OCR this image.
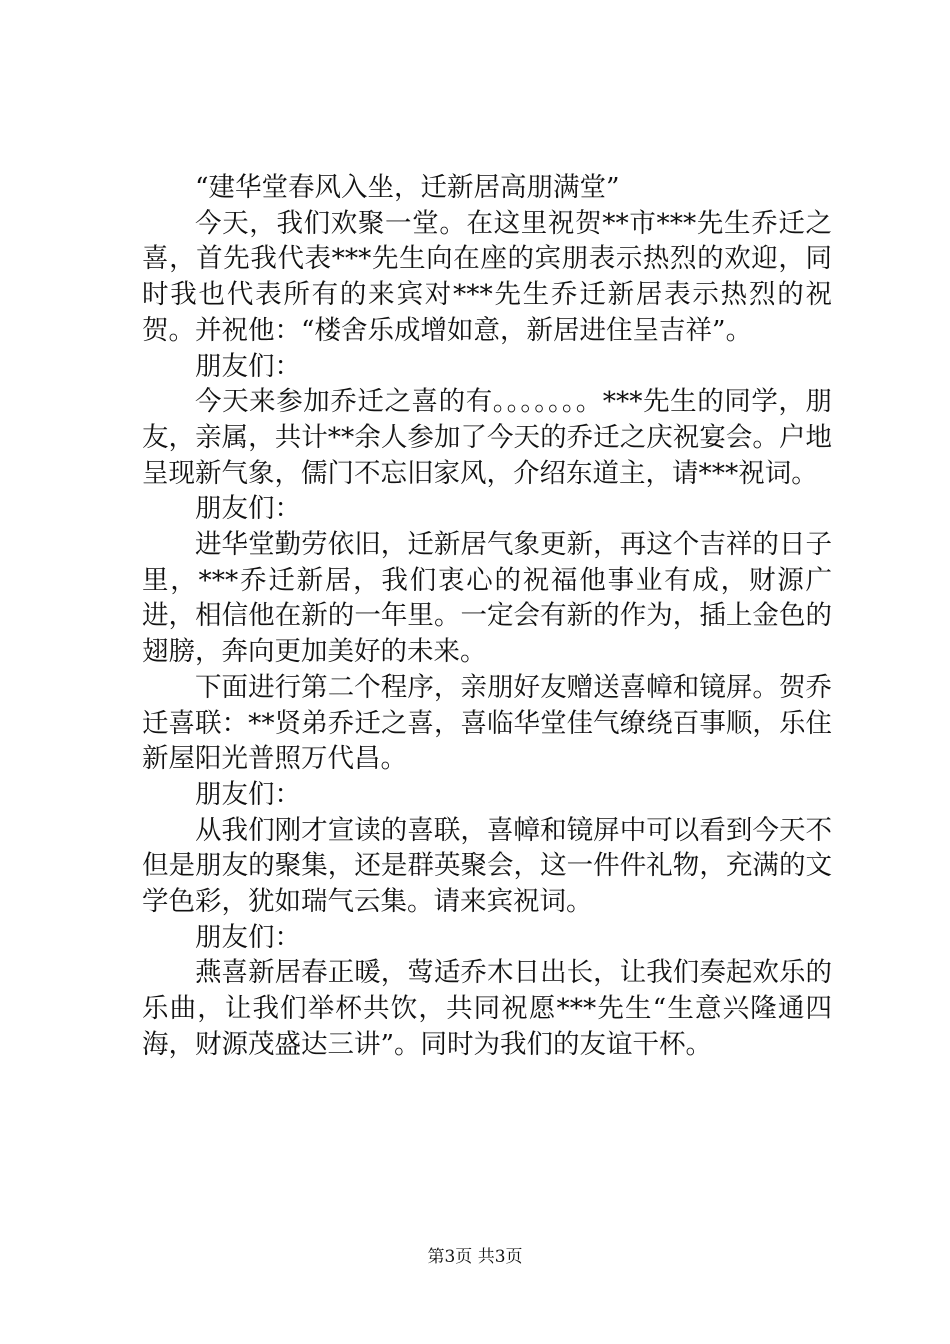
“建华堂春风入坐，迁新居高朋满堂”

今天，我们欢聚一堂。在这里祝贺**市***先生乔迁之喜，首先我代表***先生向在座的宾朋表示热烈的欢迎，同时我也代表所有的来宾对***先生乔迁新居表示热烈的祝贺。并祝他：“楼舍乐成增如意，新居进住呈吉祥”。

朋友们：

今天来参加乔迁之喜的有。。。。。。。***先生的同学，朋友，亲属，共计**余人参加了今天的乔迁之庆祝宴会。户地呈现新气象，儒门不忘旧家风，介绍东道主，请***祝词。

朋友们：

进华堂勤劳依旧，迁新居气象更新，再这个吉祥的日子里，***乔迁新居，我们衷心的祝福他事业有成，财源广进，相信他在新的一年里。一定会有新的作为，插上金色的翅膀，奔向更加美好的未来。

下面进行第二个程序，亲朋好友赠送喜幛和镜屏。贺乔迁喜联：**贤弟乔迁之喜，喜临华堂佳气缭绕百事顺，乐住新屋阳光普照万代昌。

朋友们：

从我们刚才宣读的喜联，喜幛和镜屏中可以看到今天不但是朋友的聚集，还是群英聚会，这一件件礼物，充满的文学色彩，犹如瑞气云集。请来宾祝词。

朋友们：

燕喜新居春正暖，莺适乔木日出长，让我们奏起欢乐的乐曲，让我们举杯共饮，共同祝愿***先生“生意兴隆通四海，财源茂盛达三讲”。同时为我们的友谊干杯。

第3页 共3页
